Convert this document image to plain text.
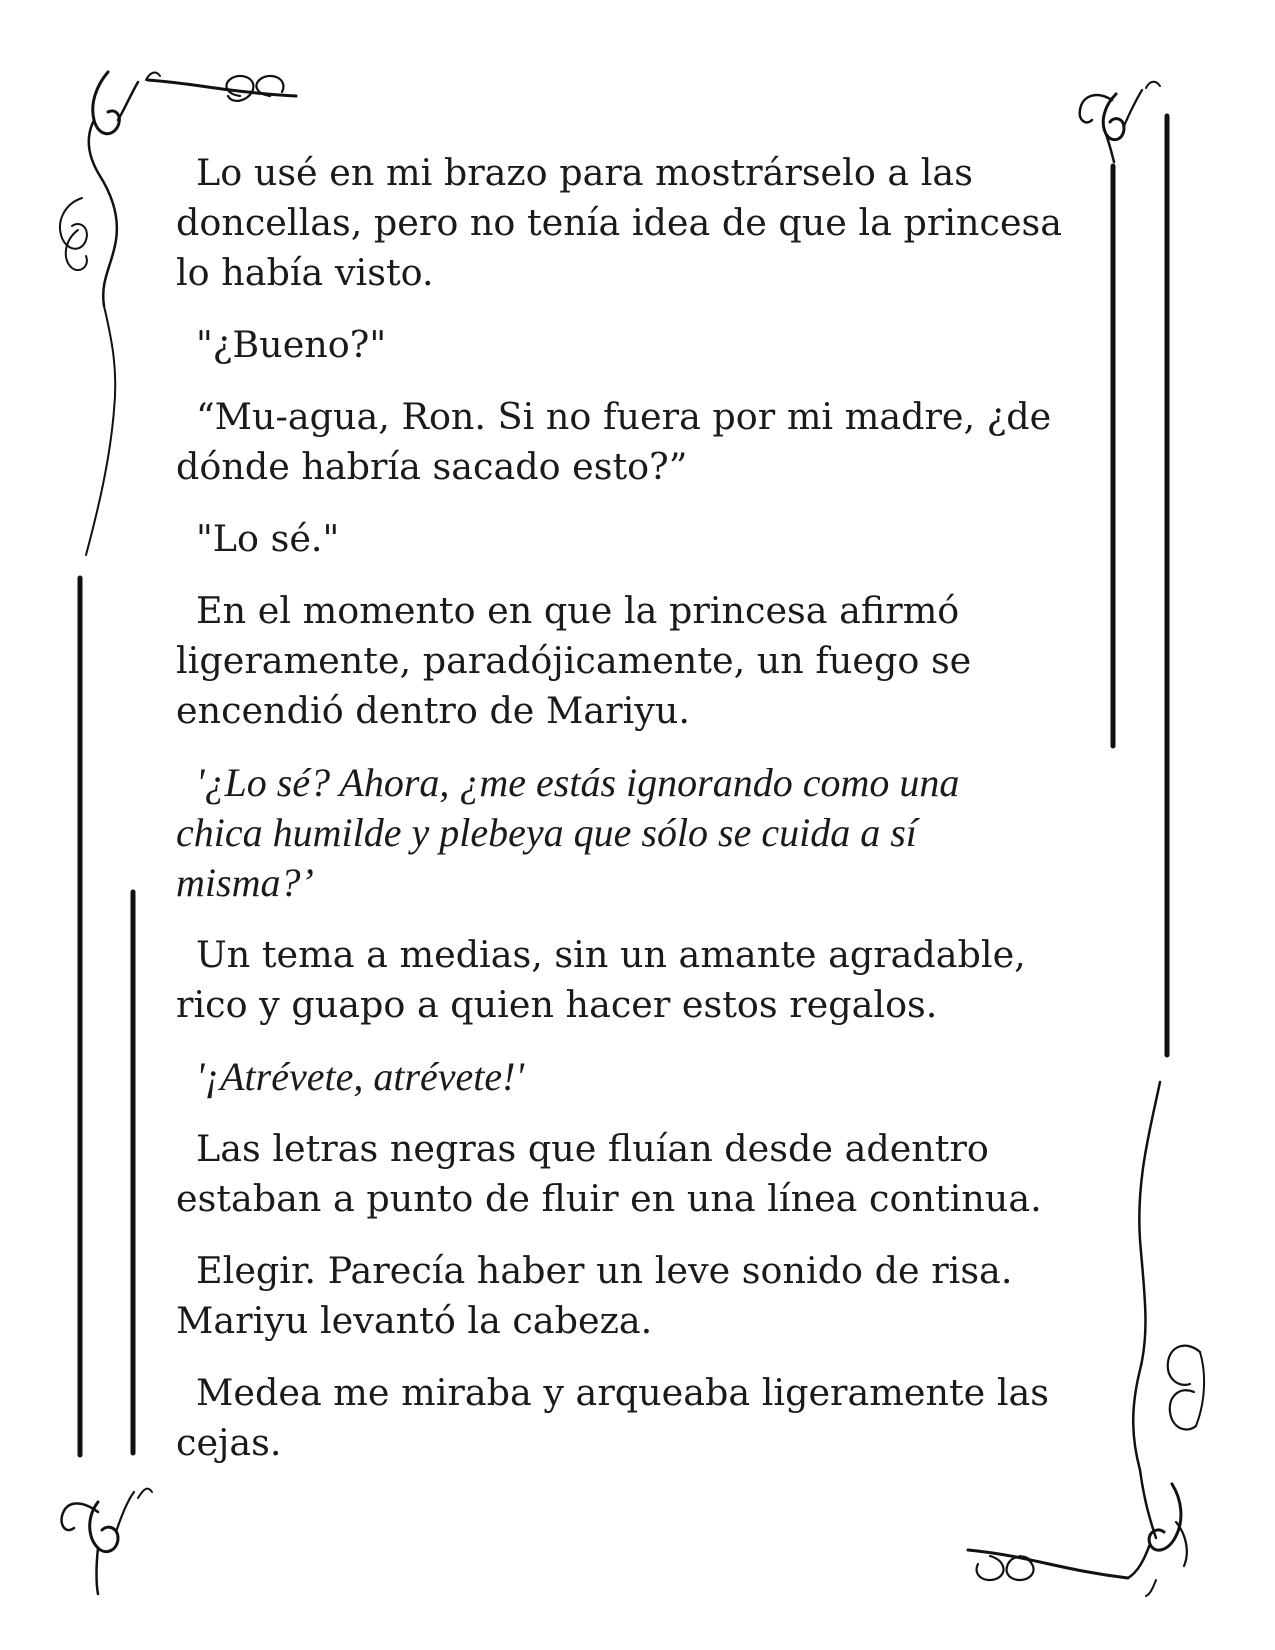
Lo usé en mi brazo para mostrárselo a las
doncellas, pero no tenía idea de que la princesa
lo había visto.

"¿Bueno?"

“Mu-agua, Ron. Si no fuera por mi madre, ¿de
dónde habría sacado esto?”

"Lo sé."

En el momento en que la princesa afirmó
ligeramente, paradójicamente, un fuego se
encendió dentro de Mariyu.

'¿Lo sé? Ahora, ¿me estás ignorando como una
chica humilde y plebeya que sólo se cuida a sí
misma?’

Un tema a medias, sin un amante agradable,
rico y guapo a quien hacer estos regalos.

'¡Atrévete, atrévete!'

Las letras negras que fluían desde adentro
estaban a punto de fluir en una línea continua.

Elegir. Parecía haber un leve sonido de risa.
Mariyu levantó la cabeza.

Medea me miraba y arqueaba ligeramente las
cejas.
